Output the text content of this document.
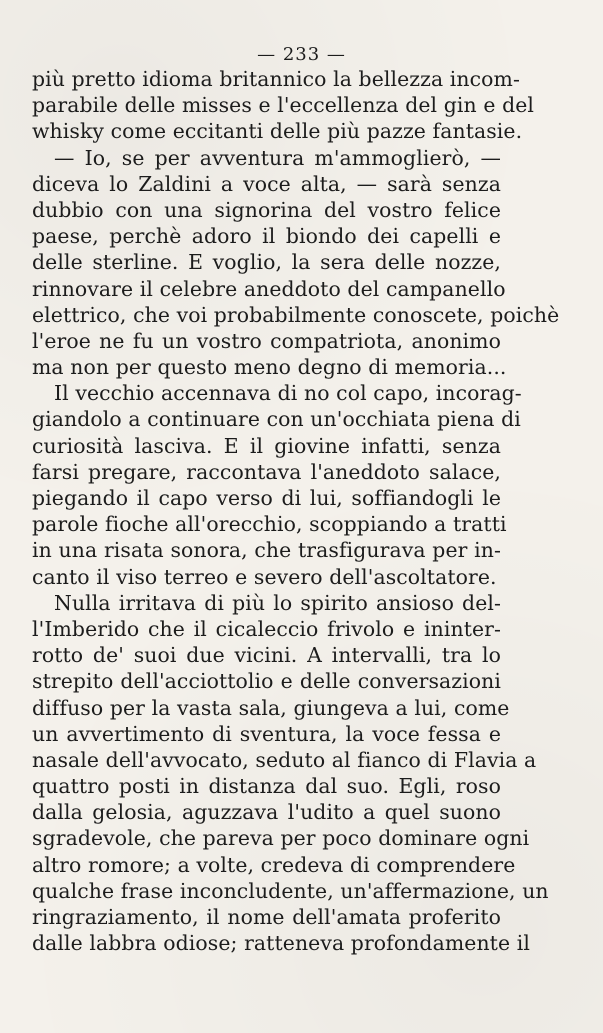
— 233 —
più pretto idioma britannico la bellezza incom-
parabile delle misses e l'eccellenza del gin e del
whisky come eccitanti delle più pazze fantasie.
— Io, se per avventura m'ammoglierò, —
diceva lo Zaldini a voce alta, — sarà senza
dubbio con una signorina del vostro felice
paese, perchè adoro il biondo dei capelli e
delle sterline. E voglio, la sera delle nozze,
rinnovare il celebre aneddoto del campanello
elettrico, che voi probabilmente conoscete, poichè
l'eroe ne fu un vostro compatriota, anonimo
ma non per questo meno degno di memoria...
Il vecchio accennava di no col capo, incorag-
giandolo a continuare con un'occhiata piena di
curiosità lasciva. E il giovine infatti, senza
farsi pregare, raccontava l'aneddoto salace,
piegando il capo verso di lui, soffiandogli le
parole fioche all'orecchio, scoppiando a tratti
in una risata sonora, che trasfigurava per in-
canto il viso terreo e severo dell'ascoltatore.
Nulla irritava di più lo spirito ansioso del-
l'Imberido che il cicaleccio frivolo e ininter-
rotto de' suoi due vicini. A intervalli, tra lo
strepito dell'acciottolio e delle conversazioni
diffuso per la vasta sala, giungeva a lui, come
un avvertimento di sventura, la voce fessa e
nasale dell'avvocato, seduto al fianco di Flavia a
quattro posti in distanza dal suo. Egli, roso
dalla gelosia, aguzzava l'udito a quel suono
sgradevole, che pareva per poco dominare ogni
altro romore; a volte, credeva di comprendere
qualche frase inconcludente, un'affermazione, un
ringraziamento, il nome dell'amata proferito
dalle labbra odiose; ratteneva profondamente il
